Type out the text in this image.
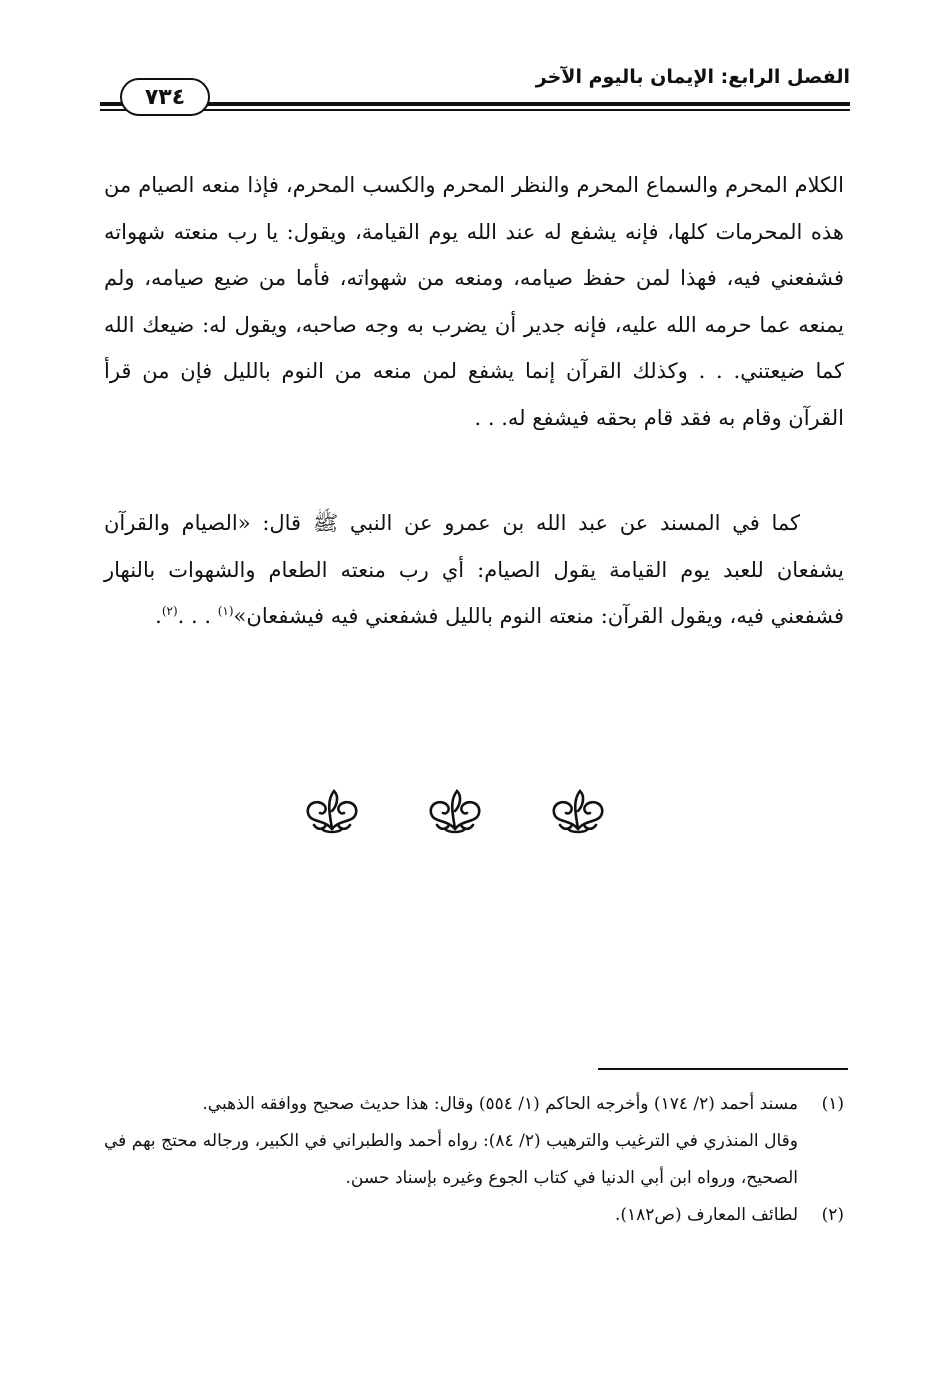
الفصل الرابع: الإيمان باليوم الآخر
٧٣٤

الكلام المحرم والسماع المحرم والنظر المحرم والكسب المحرم، فإذا منعه الصيام من هذه المحرمات كلها، فإنه يشفع له عند الله يوم القيامة، ويقول: يا رب منعته شهواته فشفعني فيه، فهذا لمن حفظ صيامه، ومنعه من شهواته، فأما من ضيع صيامه، ولم يمنعه عما حرمه الله عليه، فإنه جدير أن يضرب به وجه صاحبه، ويقول له: ضيعك الله كما ضيعتني. . . وكذلك القرآن إنما يشفع لمن منعه من النوم بالليل فإن من قرأ القرآن وقام به فقد قام بحقه فيشفع له. . .

كما في المسند عن عبد الله بن عمرو عن النبي ﷺ قال: «الصيام والقرآن يشفعان للعبد يوم القيامة يقول الصيام: أي رب منعته الطعام والشهوات بالنهار فشفعني فيه، ويقول القرآن: منعته النوم بالليل فشفعني فيه فيشفعان»$^{(١)}$ . . .$^{(٢)}$.

(١)
مسند أحمد (٢/ ١٧٤) وأخرجه الحاكم (١/ ٥٥٤) وقال: هذا حديث صحيح ووافقه الذهبي.

وقال المنذري في الترغيب والترهيب (٢/ ٨٤): رواه أحمد والطبراني في الكبير، ورجاله محتج بهم في الصحيح، ورواه ابن أبي الدنيا في كتاب الجوع وغيره بإسناد حسن.

(٢)
لطائف المعارف (ص١٨٢).
